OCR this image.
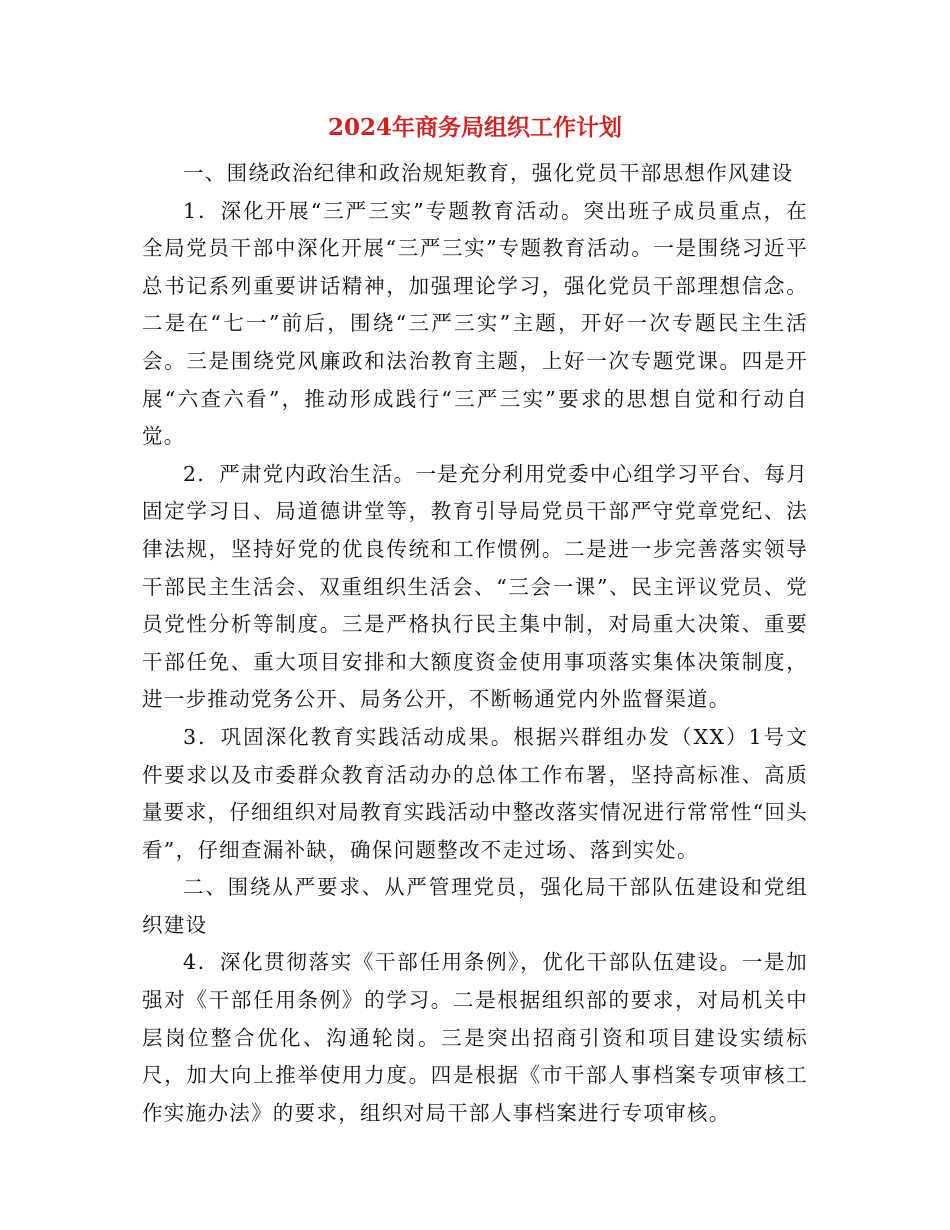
2024年商务局组织工作计划

一、围绕政治纪律和政治规矩教育，强化党员干部思想作风建设

1．深化开展“三严三实”专题教育活动。突出班子成员重点，在全局党员干部中深化开展“三严三实”专题教育活动。一是围绕习近平总书记系列重要讲话精神，加强理论学习，强化党员干部理想信念。二是在“七一”前后，围绕“三严三实”主题，开好一次专题民主生活会。三是围绕党风廉政和法治教育主题，上好一次专题党课。四是开展“六查六看”，推动形成践行“三严三实”要求的思想自觉和行动自觉。

2．严肃党内政治生活。一是充分利用党委中心组学习平台、每月固定学习日、局道德讲堂等，教育引导局党员干部严守党章党纪、法律法规，坚持好党的优良传统和工作惯例。二是进一步完善落实领导干部民主生活会、双重组织生活会、“三会一课”、民主评议党员、党员党性分析等制度。三是严格执行民主集中制，对局重大决策、重要干部任免、重大项目安排和大额度资金使用事项落实集体决策制度，进一步推动党务公开、局务公开，不断畅通党内外监督渠道。

3．巩固深化教育实践活动成果。根据兴群组办发（XX）1号文件要求以及市委群众教育活动办的总体工作布署，坚持高标准、高质量要求，仔细组织对局教育实践活动中整改落实情况进行常常性“回头看”，仔细查漏补缺，确保问题整改不走过场、落到实处。

二、围绕从严要求、从严管理党员，强化局干部队伍建设和党组织建设

4．深化贯彻落实《干部任用条例》，优化干部队伍建设。一是加强对《干部任用条例》的学习。二是根据组织部的要求，对局机关中层岗位整合优化、沟通轮岗。三是突出招商引资和项目建设实绩标尺，加大向上推举使用力度。四是根据《市干部人事档案专项审核工作实施办法》的要求，组织对局干部人事档案进行专项审核。
